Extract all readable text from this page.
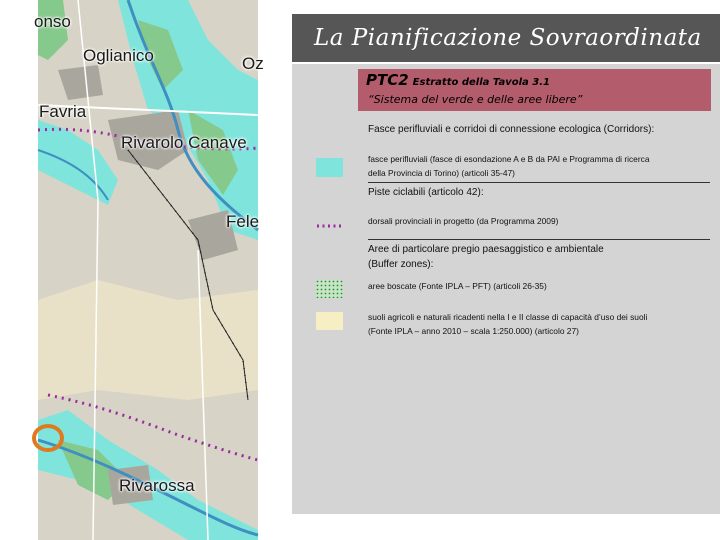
onso
Oglianico	Oz
Favria
Rivarolo Canave
Fele
Rivarossa
La Pianificazione Sovraordinata
PTC2 Estratto della Tavola 3.1
“Sistema del verde e delle aree libere”
Fasce perifluviali e corridoi di connessione ecologica (Corridors):
fasce perifluviali (fasce di esondazione A e B da PAI e Programma di ricerca
della Provincia di Torino) (articoli 35-47)
Piste ciclabili (articolo 42):
dorsali provinciali in progetto (da Programma 2009)
Aree di particolare pregio paesaggistico e ambientale
(Buffer zones):
aree boscate (Fonte IPLA – PFT) (articoli 26-35)
suoli agricoli e naturali ricadenti nella I e II classe di capacità d’uso dei suoli
(Fonte IPLA – anno 2010 – scala 1:250.000) (articolo 27)
